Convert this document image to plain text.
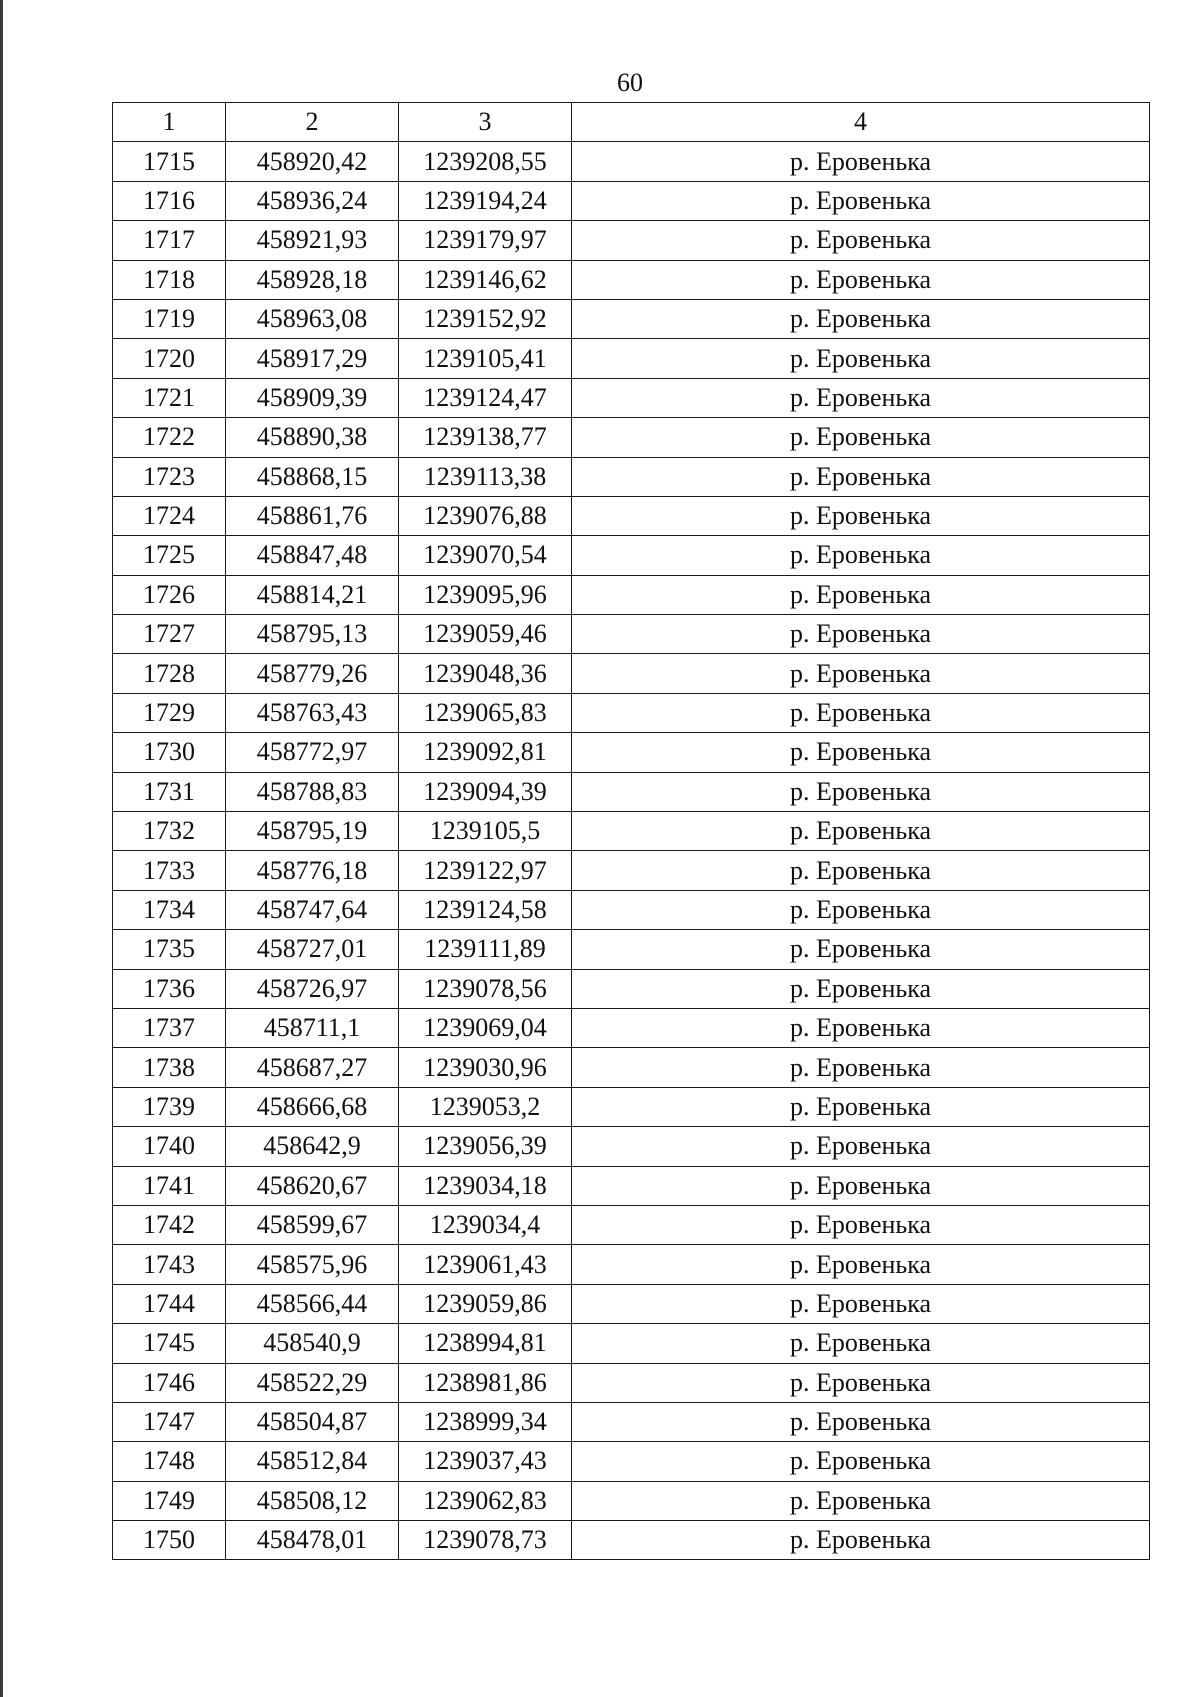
60
1	2	3	4
1715	458920,42	1239208,55	р. Еровенька
1716	458936,24	1239194,24	р. Еровенька
1717	458921,93	1239179,97	р. Еровенька
1718	458928,18	1239146,62	р. Еровенька
1719	458963,08	1239152,92	р. Еровенька
1720	458917,29	1239105,41	р. Еровенька
1721	458909,39	1239124,47	р. Еровенька
1722	458890,38	1239138,77	р. Еровенька
1723	458868,15	1239113,38	р. Еровенька
1724	458861,76	1239076,88	р. Еровенька
1725	458847,48	1239070,54	р. Еровенька
1726	458814,21	1239095,96	р. Еровенька
1727	458795,13	1239059,46	р. Еровенька
1728	458779,26	1239048,36	р. Еровенька
1729	458763,43	1239065,83	р. Еровенька
1730	458772,97	1239092,81	р. Еровенька
1731	458788,83	1239094,39	р. Еровенька
1732	458795,19	1239105,5	р. Еровенька
1733	458776,18	1239122,97	р. Еровенька
1734	458747,64	1239124,58	р. Еровенька
1735	458727,01	1239111,89	р. Еровенька
1736	458726,97	1239078,56	р. Еровенька
1737	458711,1	1239069,04	р. Еровенька
1738	458687,27	1239030,96	р. Еровенька
1739	458666,68	1239053,2	р. Еровенька
1740	458642,9	1239056,39	р. Еровенька
1741	458620,67	1239034,18	р. Еровенька
1742	458599,67	1239034,4	р. Еровенька
1743	458575,96	1239061,43	р. Еровенька
1744	458566,44	1239059,86	р. Еровенька
1745	458540,9	1238994,81	р. Еровенька
1746	458522,29	1238981,86	р. Еровенька
1747	458504,87	1238999,34	р. Еровенька
1748	458512,84	1239037,43	р. Еровенька
1749	458508,12	1239062,83	р. Еровенька
1750	458478,01	1239078,73	р. Еровенька
